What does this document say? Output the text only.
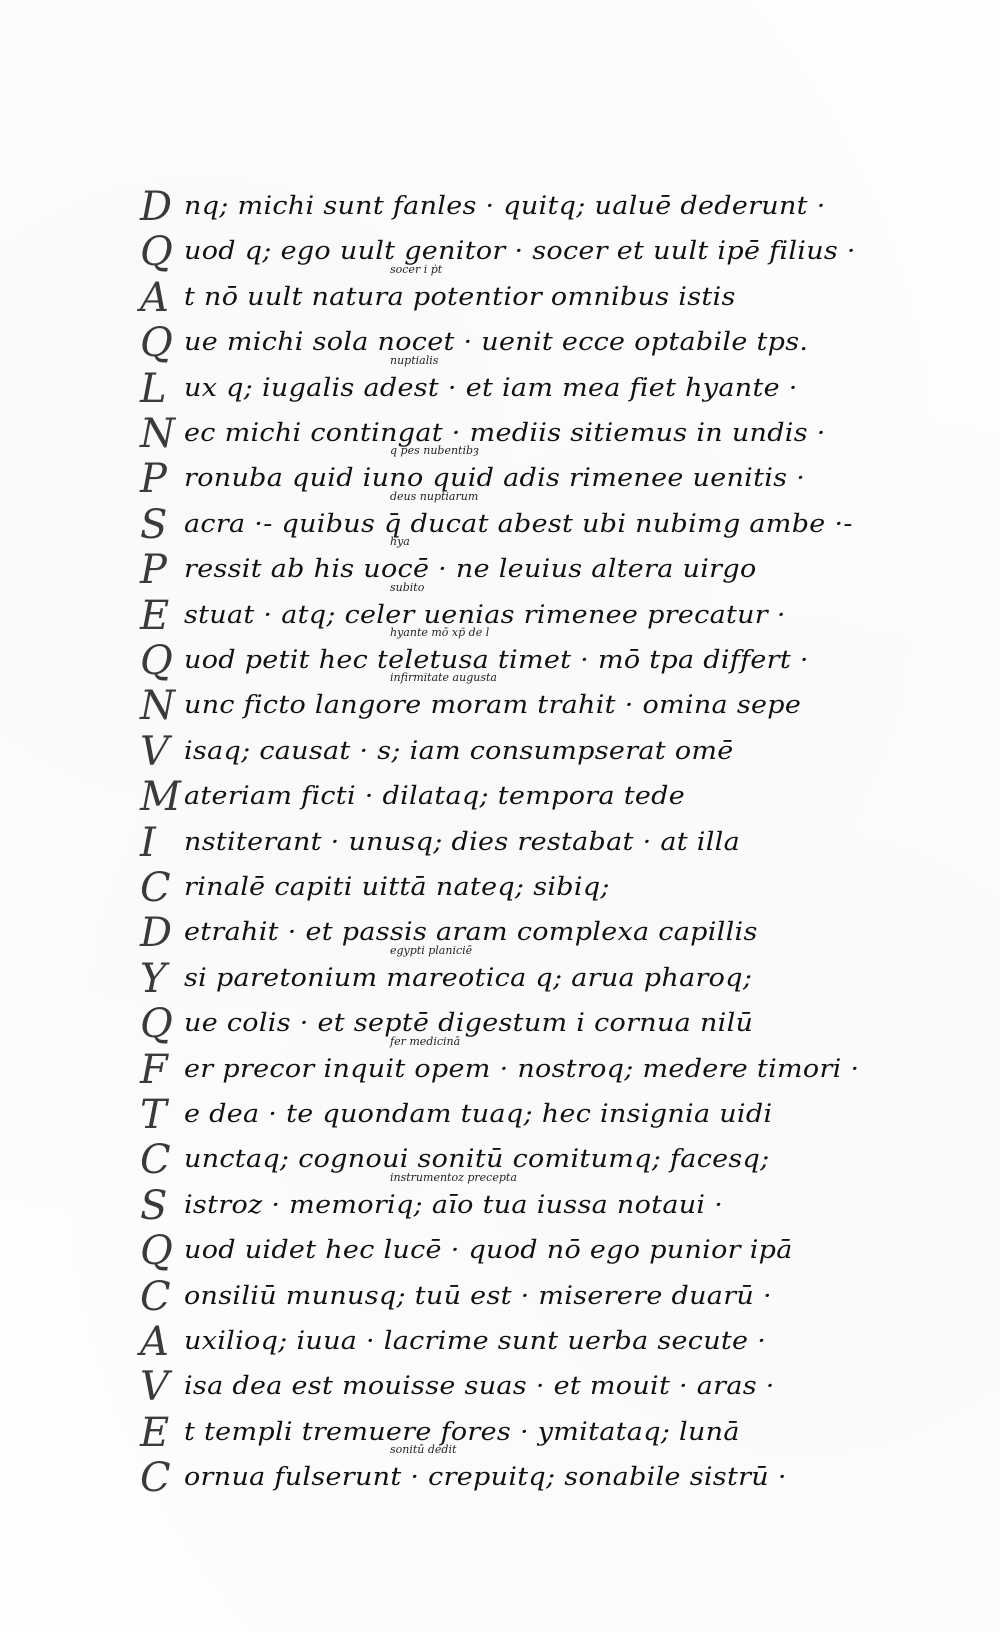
D nq; michi sunt fanles · quitq; ualuē dederunt ·
Q uod q; ego uult genitor · socer et uult ipē filius ·
A t nō uult natura potentior omnibus istis
socer i ṗt
Q ue michi sola nocet · uenit ecce optabile tps.
L ux q; iugalis adest · et iam mea fiet hyante ·
nuptialis
N ec michi contingat · mediis sitiemus in undis ·
P ronuba quid iuno quid adis rimenee uenitis ·
q p̄es nubentibȝ
S acra ·- quibus q̄ ducat abest ubi nubimg ambe ·-
deus nuptiarum
P ressit ab his uocē · ne leuius altera uirgo
hya
E stuat · atq; celer uenias rimenee precatur ·
subito
Q uod petit hec teletusa timet · mō tpa differt ·
hyante mō xp̄ de l
N unc ficto langore moram trahit · omina sepe
infirmitate augusta
V isaq; causat · s; iam consumpserat omē
M ateriam ficti · dilataq; tempora tede
I	nstiterant · unusq; dies restabat · at illa
C rinalē capiti uittā nateq; sibiq;
D etrahit · et passis aram complexa capillis
Y si paretonium mareotica q; arua pharoq;
egypti planiciē
Q ue colis · et septē digestum i cornua nilū
F er precor inquit opem · nostroq; medere timori ·
fer medicinā
T e dea · te quondam tuaq; hec insignia uidi
C unctaq; cognoui sonitū comitumq; facesq;
S istroz · memoriq; aīo tua iussa notaui ·
instrumentoz precepta
Q uod uidet hec lucē · quod nō ego punior ipā
C onsiliū munusq; tuū est · miserere duarū ·
A uxilioq; iuua · lacrime sunt uerba secute ·
V isa dea est mouisse suas · et mouit · aras ·
E t templi tremuere fores · ymitataq; lunā
C ornua fulserunt · crepuitq; sonabile sistrū ·
sonitū dedit
